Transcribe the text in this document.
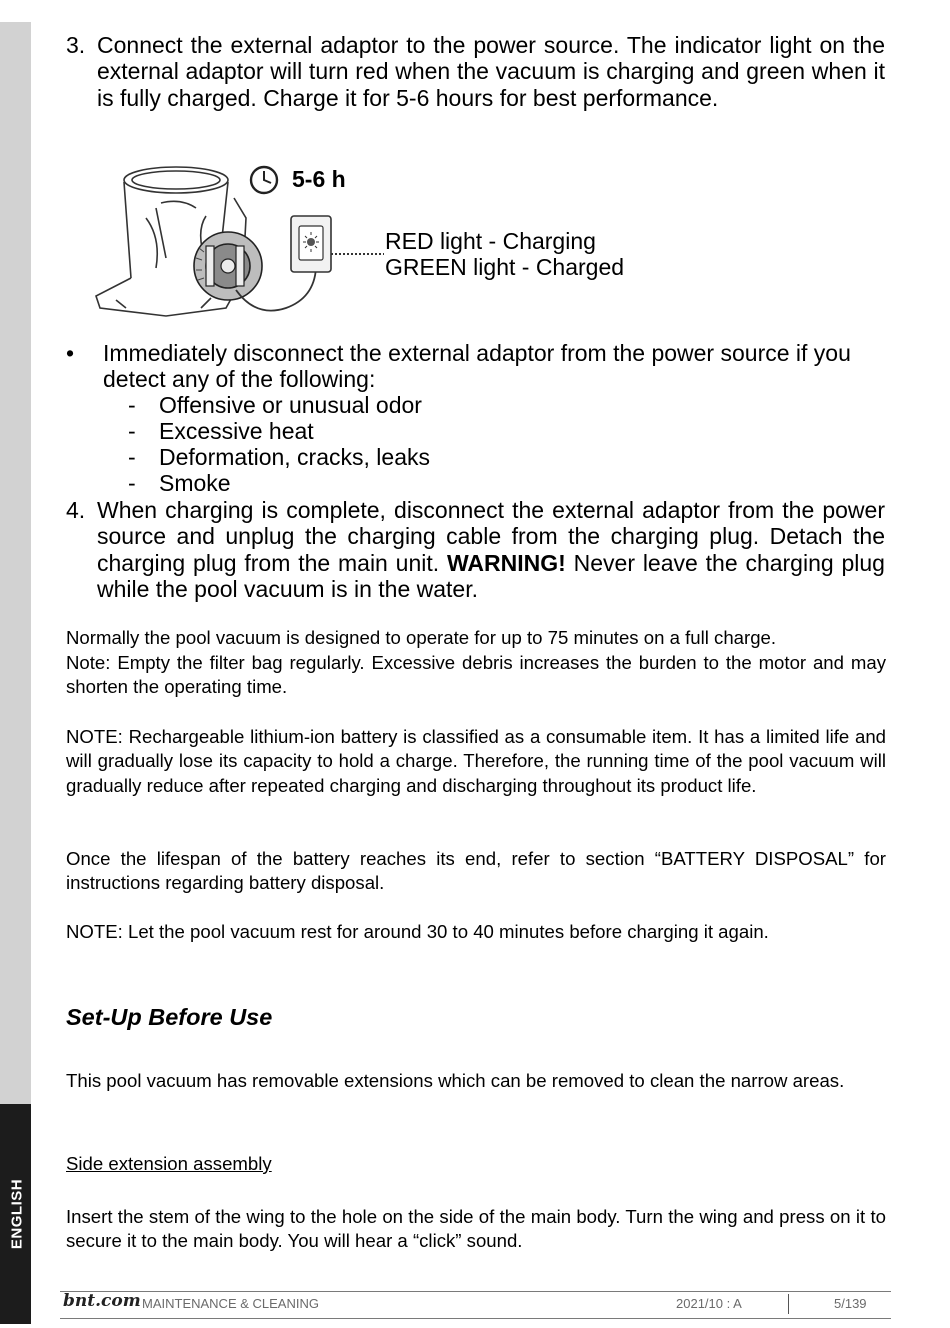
ENGLISH
3. Connect the external adaptor to the power source. The indicator light on the external adaptor will turn red when the vacuum is charging and green when it is fully charged. Charge it for 5-6 hours for best performance.
5-6 h
RED light - Charging
GREEN light - Charged
• Immediately disconnect the external adaptor from the power source if you detect any of the following:
- Offensive or unusual odor
- Excessive heat
- Deformation, cracks, leaks
- Smoke
4. When charging is complete, disconnect the external adaptor from the power source and unplug the charging cable from the charging plug. Detach the charging plug from the main unit. WARNING! Never leave the charging plug while the pool vacuum is in the water.
Normally the pool vacuum is designed to operate for up to 75 minutes on a full charge.
Note: Empty the filter bag regularly. Excessive debris increases the burden to the motor and may shorten the operating time.
NOTE: Rechargeable lithium-ion battery is classified as a consumable item. It has a limited life and will gradually lose its capacity to hold a charge. Therefore, the running time of the pool vacuum will gradually reduce after repeated charging and discharging throughout its product life.
Once the lifespan of the battery reaches its end, refer to section “BATTERY DISPOSAL” for instructions regarding battery disposal.
NOTE: Let the pool vacuum rest for around 30 to 40 minutes before charging it again.
Set-Up Before Use
This pool vacuum has removable extensions which can be removed to clean the narrow areas.
Side extension assembly
Insert the stem of the wing to the hole on the side of the main body. Turn the wing and press on it to secure it to the main body. You will hear a “click” sound.
bnt.com MAINTENANCE & CLEANING	2021/10 : A	5/139
